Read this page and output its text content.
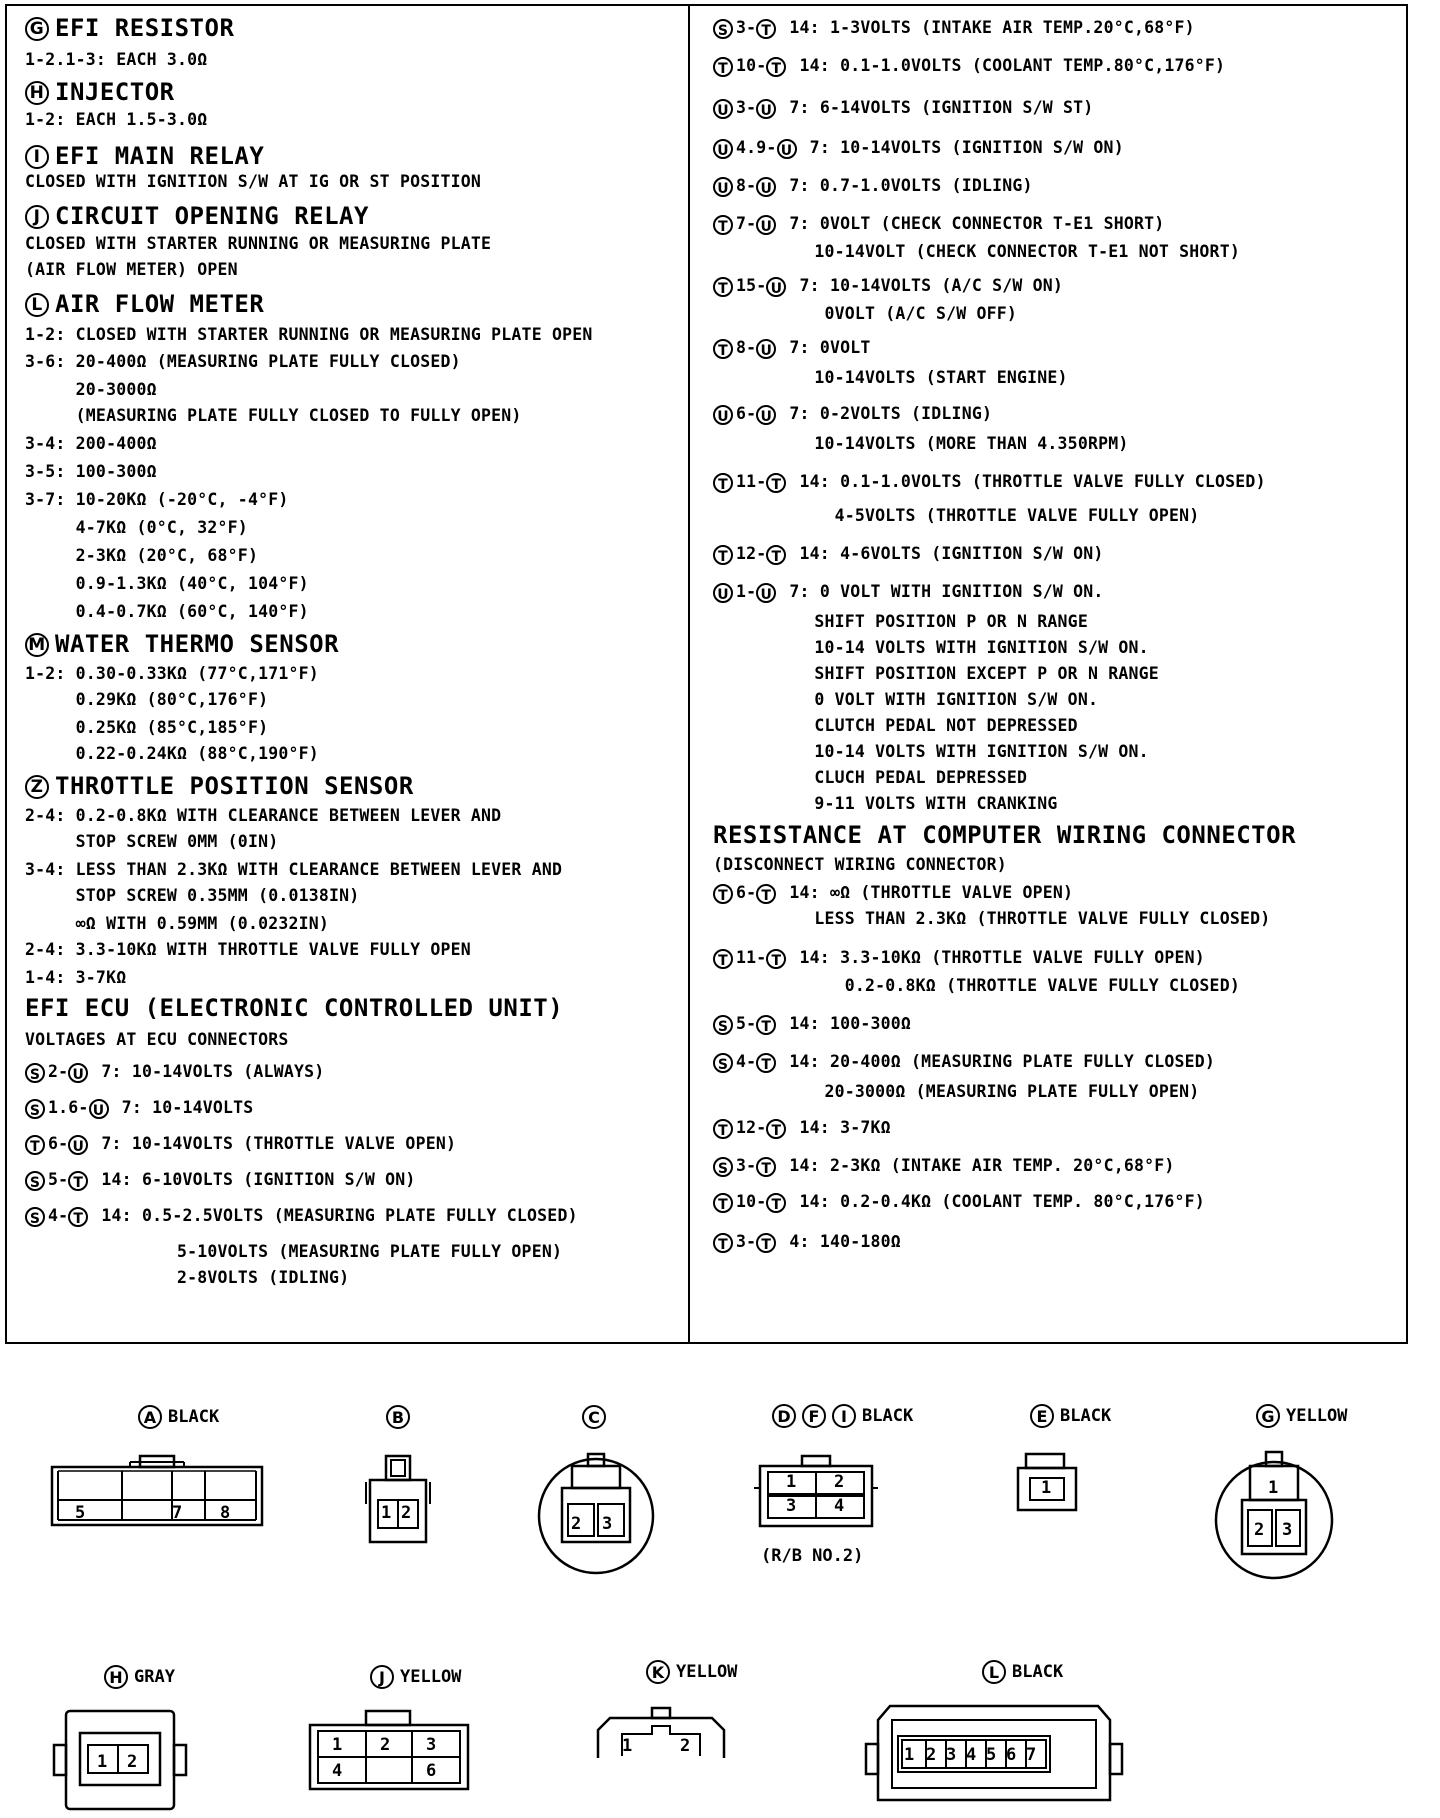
G EFI RESISTOR
1-2.1-3: EACH 3.0Ω
H INJECTOR
1-2: EACH 1.5-3.0Ω
I EFI MAIN RELAY
CLOSED WITH IGNITION S/W AT IG OR ST POSITION
J CIRCUIT OPENING RELAY
CLOSED WITH STARTER RUNNING OR MEASURING PLATE
(AIR FLOW METER) OPEN
L AIR FLOW METER
1-2: CLOSED WITH STARTER RUNNING OR MEASURING PLATE OPEN
3-6: 20-400Ω (MEASURING PLATE FULLY CLOSED)
20-3000Ω
(MEASURING PLATE FULLY CLOSED TO FULLY OPEN)
3-4: 200-400Ω
3-5: 100-300Ω
3-7: 10-20KΩ (-20°C, -4°F)
4-7KΩ (0°C, 32°F)
2-3KΩ (20°C, 68°F)
0.9-1.3KΩ (40°C, 104°F)
0.4-0.7KΩ (60°C, 140°F)
M WATER THERMO SENSOR
1-2: 0.30-0.33KΩ (77°C,171°F)
0.29KΩ (80°C,176°F)
0.25KΩ (85°C,185°F)
0.22-0.24KΩ (88°C,190°F)
Z THROTTLE POSITION SENSOR
2-4: 0.2-0.8KΩ WITH CLEARANCE BETWEEN LEVER AND
STOP SCREW 0MM (0IN)
3-4: LESS THAN 2.3KΩ WITH CLEARANCE BETWEEN LEVER AND
STOP SCREW 0.35MM (0.0138IN)
∞Ω WITH 0.59MM (0.0232IN)
2-4: 3.3-10KΩ WITH THROTTLE VALVE FULLY OPEN
1-4: 3-7KΩ
EFI ECU (ELECTRONIC CONTROLLED UNIT)
VOLTAGES AT ECU CONNECTORS
S 2- U 7: 10-14VOLTS (ALWAYS)
S 1.6- U 7: 10-14VOLTS
T 6- U 7: 10-14VOLTS (THROTTLE VALVE OPEN)
S 5- T 14: 6-10VOLTS (IGNITION S/W ON)
S 4- T 14: 0.5-2.5VOLTS (MEASURING PLATE FULLY CLOSED)
5-10VOLTS (MEASURING PLATE FULLY OPEN)
2-8VOLTS (IDLING)
S 3- T 14: 1-3VOLTS (INTAKE AIR TEMP.20°C,68°F)
T 10- T 14: 0.1-1.0VOLTS (COOLANT TEMP.80°C,176°F)
U 3- U 7: 6-14VOLTS (IGNITION S/W ST)
U 4.9- U 7: 10-14VOLTS (IGNITION S/W ON)
U 8- U 7: 0.7-1.0VOLTS (IDLING)
T 7- U 7: 0VOLT (CHECK CONNECTOR T-E1 SHORT)
10-14VOLT (CHECK CONNECTOR T-E1 NOT SHORT)
T 15- U 7: 10-14VOLTS (A/C S/W ON)
0VOLT (A/C S/W OFF)
T 8- U 7: 0VOLT
10-14VOLTS (START ENGINE)
U 6- U 7: 0-2VOLTS (IDLING)
10-14VOLTS (MORE THAN 4.350RPM)
T 11- T 14: 0.1-1.0VOLTS (THROTTLE VALVE FULLY CLOSED)
4-5VOLTS (THROTTLE VALVE FULLY OPEN)
T 12- T 14: 4-6VOLTS (IGNITION S/W ON)
U 1- U 7: 0 VOLT WITH IGNITION S/W ON.
SHIFT POSITION P OR N RANGE
10-14 VOLTS WITH IGNITION S/W ON.
SHIFT POSITION EXCEPT P OR N RANGE
0 VOLT WITH IGNITION S/W ON.
CLUTCH PEDAL NOT DEPRESSED
10-14 VOLTS WITH IGNITION S/W ON.
CLUCH PEDAL DEPRESSED
9-11 VOLTS WITH CRANKING
RESISTANCE AT COMPUTER WIRING CONNECTOR
(DISCONNECT WIRING CONNECTOR)
T 6- T 14: ∞Ω (THROTTLE VALVE OPEN)
LESS THAN 2.3KΩ (THROTTLE VALVE FULLY CLOSED)
T 11- T 14: 3.3-10KΩ (THROTTLE VALVE FULLY OPEN)
0.2-0.8KΩ (THROTTLE VALVE FULLY CLOSED)
S 5- T 14: 100-300Ω
S 4- T 14: 20-400Ω (MEASURING PLATE FULLY CLOSED)
20-3000Ω (MEASURING PLATE FULLY OPEN)
T 12- T 14: 3-7KΩ
S 3- T 14: 2-3KΩ (INTAKE AIR TEMP. 20°C,68°F)
T 10- T 14: 0.2-0.4KΩ (COOLANT TEMP. 80°C,176°F)
T 3- T 4: 140-180Ω
A BLACK
5	7 8
B
1 2
C
2 3
D	F	I BLACK
1 2
3 4
(R/B NO.2)
E BLACK
1
G YELLOW
1
2 3
H GRAY
1 2
J YELLOW
1 2 3
4	6
K YELLOW
1	2
L BLACK
1 2 3 4 5 6 7
